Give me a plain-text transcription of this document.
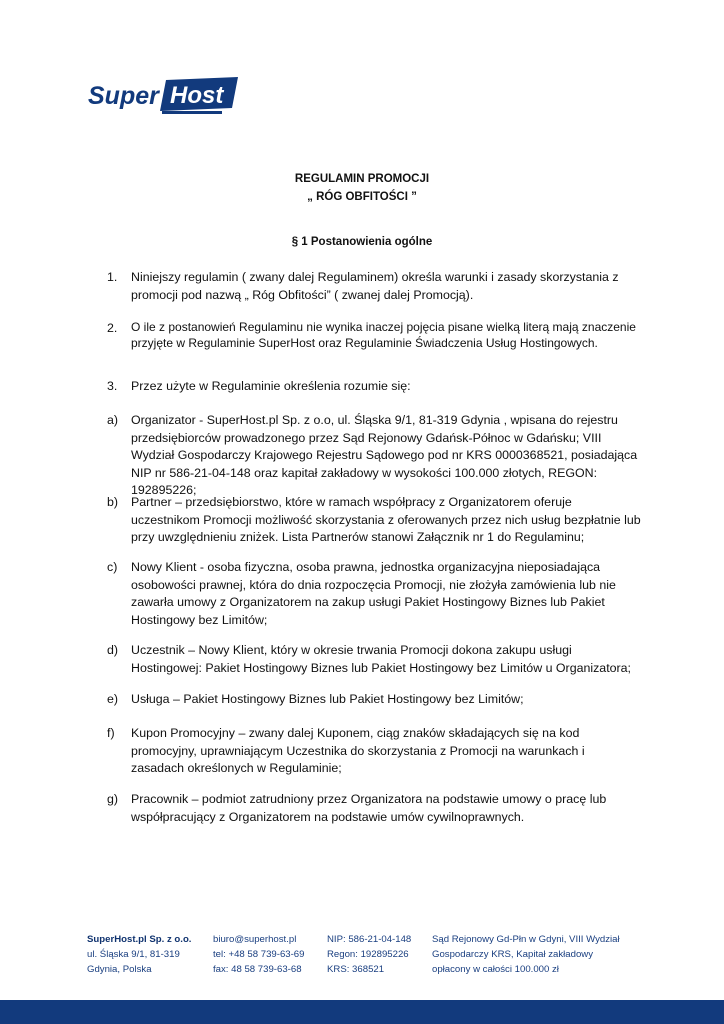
Super Host
REGULAMIN PROMOCJI
„ RÓG OBFITOŚCI ”
§ 1 Postanowienia ogólne
1. Niniejszy regulamin ( zwany dalej Regulaminem) określa warunki i zasady skorzystania z promocji pod nazwą „ Róg Obfitości” ( zwanej dalej Promocją).
2. O ile z postanowień Regulaminu nie wynika inaczej pojęcia pisane wielką literą mają znaczenie przyjęte w Regulaminie SuperHost oraz Regulaminie Świadczenia Usług Hostingowych.
3. Przez użyte w Regulaminie określenia rozumie się:
a) Organizator - SuperHost.pl Sp. z o.o, ul. Śląska 9/1, 81-319 Gdynia , wpisana do rejestru przedsiębiorców prowadzonego przez Sąd Rejonowy Gdańsk-Północ w Gdańsku; VIII Wydział Gospodarczy Krajowego Rejestru Sądowego pod nr KRS 0000368521, posiadająca NIP nr 586-21-04-148 oraz kapitał zakładowy w wysokości 100.000 złotych, REGON: 192895226;
b) Partner – przedsiębiorstwo, które w ramach współpracy z Organizatorem oferuje uczestnikom Promocji możliwość skorzystania z oferowanych przez nich usług bezpłatnie lub przy uwzględnieniu zniżek. Lista Partnerów stanowi Załącznik nr 1 do Regulaminu;
c) Nowy Klient - osoba fizyczna, osoba prawna, jednostka organizacyjna nieposiadająca osobowości prawnej, która do dnia rozpoczęcia Promocji, nie złożyła zamówienia lub nie zawarła umowy z Organizatorem na zakup usługi Pakiet Hostingowy Biznes lub Pakiet Hostingowy bez Limitów;
d) Uczestnik – Nowy Klient, który w okresie trwania Promocji dokona zakupu usługi Hostingowej: Pakiet Hostingowy Biznes lub Pakiet Hostingowy bez Limitów u Organizatora;
e) Usługa – Pakiet Hostingowy Biznes lub Pakiet Hostingowy bez Limitów;
f) Kupon Promocyjny – zwany dalej Kuponem, ciąg znaków składających się na kod promocyjny, uprawniającym Uczestnika do skorzystania z Promocji na warunkach i zasadach określonych w Regulaminie;
g) Pracownik – podmiot zatrudniony przez Organizatora na podstawie umowy o pracę lub współpracujący z Organizatorem na podstawie umów cywilnoprawnych.
SuperHost.pl Sp. z o.o.
ul. Śląska 9/1, 81-319
Gdynia, Polska
biuro@superhost.pl
tel: +48 58 739-63-69
fax: 48 58 739-63-68
NIP: 586-21-04-148
Regon: 192895226
KRS: 368521
Sąd Rejonowy Gd-Płn w Gdyni, VIII Wydział
Gospodarczy KRS, Kapitał zakładowy
opłacony w całości 100.000 zł
